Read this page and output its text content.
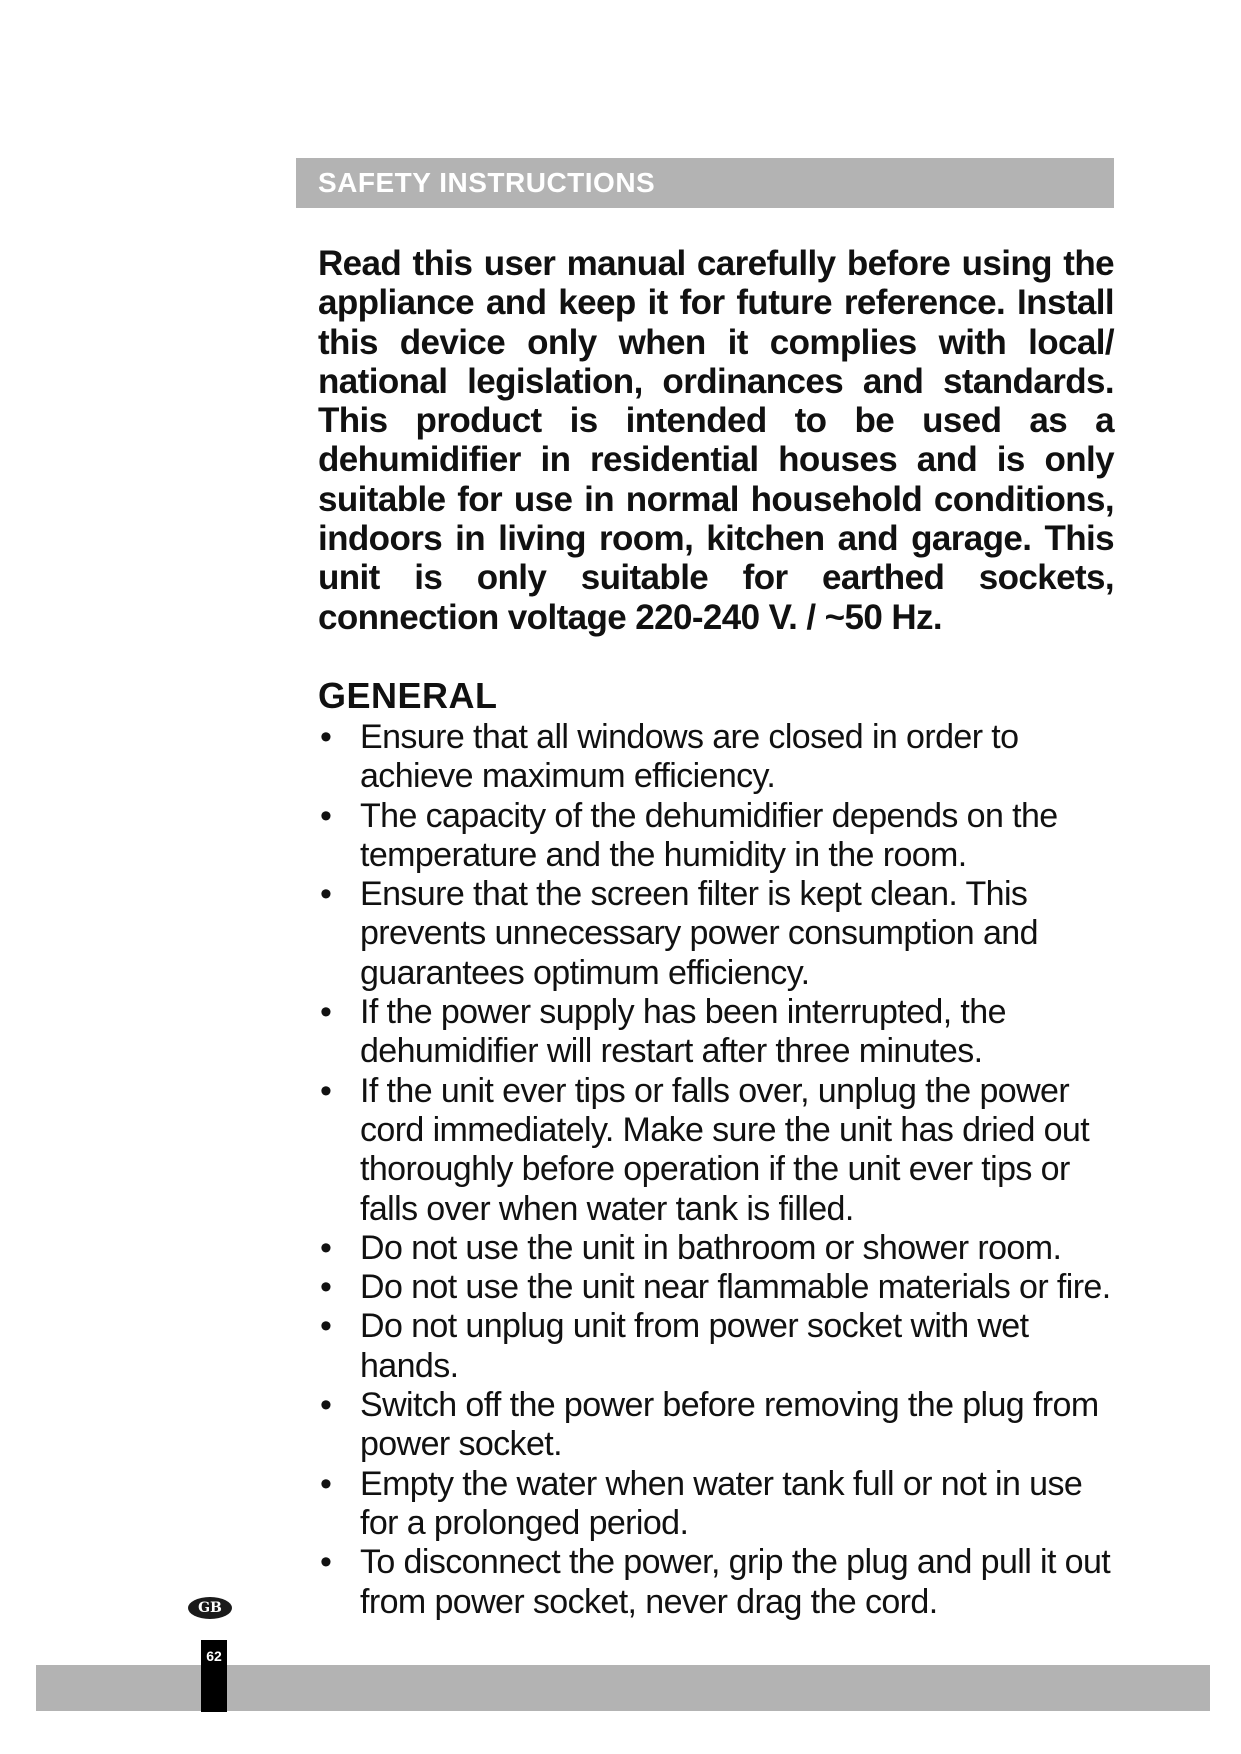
SAFETY INSTRUCTIONS

Read this user manual carefully before using the appliance and keep it for future reference. Install this device only when it complies with local/ national legislation, ordinances and standards. This product is intended to be used as a dehumidifier in residential houses and is only suitable for use in normal household conditions, indoors in living room, kitchen and garage. This unit is only suitable for earthed sockets, connection voltage 220-240 V. / ~50 Hz.

GENERAL
• Ensure that all windows are closed in order to achieve maximum efficiency.
• The capacity of the dehumidifier depends on the temperature and the humidity in the room.
• Ensure that the screen filter is kept clean. This prevents unnecessary power consumption and guarantees optimum efficiency.
• If the power supply has been interrupted, the dehumidifier will restart after three minutes.
• If the unit ever tips or falls over, unplug the power cord immediately. Make sure the unit has dried out thoroughly before operation if the unit ever tips or falls over when water tank is filled.
• Do not use the unit in bathroom or shower room.
• Do not use the unit near flammable materials or fire.
• Do not unplug unit from power socket with wet hands.
• Switch off the power before removing the plug from power socket.
• Empty the water when water tank full or not in use for a prolonged period.
• To disconnect the power, grip the plug and pull it out from power socket, never drag the cord.
GB
62
